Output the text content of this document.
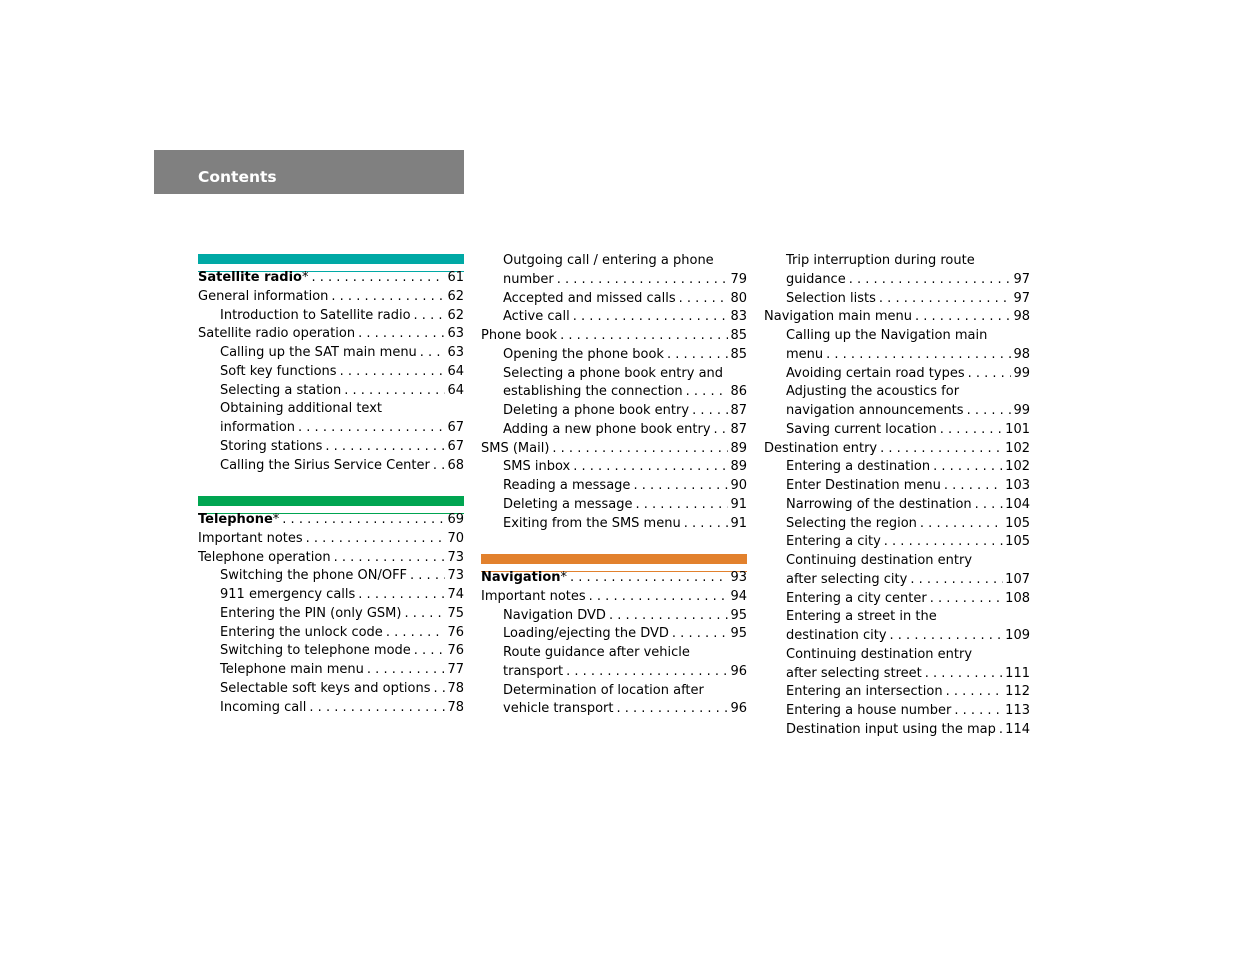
Contents
Satellite radio * . . .	61
General information . . .	62
Introduction to Satellite radio . . .	62
Satellite radio operation . . .	63
Calling up the SAT main menu . . . 63
Soft key functions . . .	64
Selecting a station . . .	64
Obtaining additional text
information . . .	67
Storing stations . . .	67
Calling the Sirius Service Center . . . 68
Telephone * . . .	69
Important notes . . .	70
Telephone operation . . .	73
Switching the phone ON/OFF . . .	73
911 emergency calls . . .	74
Entering the PIN (only GSM) . . .	75
Entering the unlock code . . .	76
Switching to telephone mode . . .	76
Telephone main menu . . .	77
Selectable soft keys and options . . . 78
Incoming call . . .	78
Outgoing call / entering a phone
number . . .	79
Accepted and missed calls . . .	80
Active call . . .	83
Phone book . . .	85
Opening the phone book . . .	85
Selecting a phone book entry and
establishing the connection . . .	86
Deleting a phone book entry . . .	87
Adding a new phone book entry . . . 87
SMS (Mail) . . .	89
SMS inbox . . .	89
Reading a message . . .	90
Deleting a message . . .	91
Exiting from the SMS menu . . .	91
Navigation * . . .	93
Important notes . . .	94
Navigation DVD . . .	95
Loading/ejecting the DVD . . .	95
Route guidance after vehicle
transport . . .	96
Determination of location after
vehicle transport . . .	96
Trip interruption during route
guidance . . .	97
Selection lists . . .	97
Navigation main menu . . .	98
Calling up the Navigation main
menu . . .	98
Avoiding certain road types . . .	99
Adjusting the acoustics for
navigation announcements . . .	99
Saving current location . . .	101
Destination entry . . .	102
Entering a destination . . .	102
Enter Destination menu . . .	103
Narrowing of the destination . . .	104
Selecting the region . . .	105
Entering a city . . .	105
Continuing destination entry
after selecting city . . .	107
Entering a city center . . .	108
Entering a street in the
destination city . . .	109
Continuing destination entry
after selecting street . . .	111
Entering an intersection . . .	112
Entering a house number . . .	113
Destination input using the map . . . 114
